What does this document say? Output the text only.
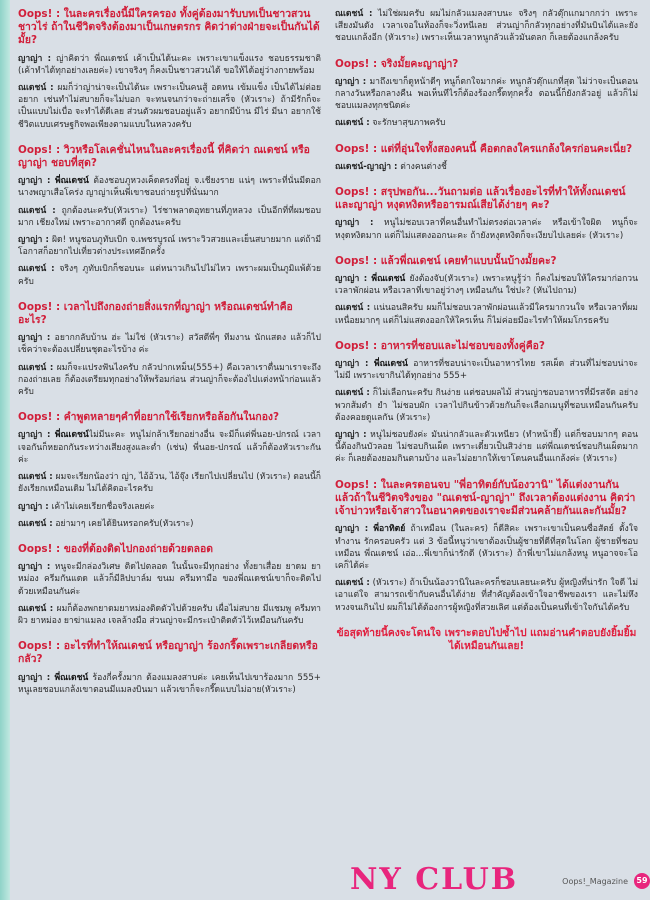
Oops! : ในละครเรื่องนี้มีใครครอง ทั้งคู่ต้องมารับบทเป็นชาวสวนชาวไร่ ถ้าในชีวิตจริงต้องมาเป็นเกษตรกร คิดว่าต่างฝ่ายจะเป็นกันได้มั้ย?
ญาญ่า : ญ่าคิดว่า พี่ณเดชน์ เค้าเป็นได้นะคะ เพราะเขาแข็งแรง ชอบธรรมชาติ (เค้าทำได้ทุกอย่างเลยค่ะ) เขาจริงๆ ก็คงเป็นชาวสวนได้ ขอให้ได้อยู่ว่างกายพร้อม
ณเดชน์ : ผมก็ว่าญ่าน่าจะเป็นได้นะ เพราะเป็นคนสู้ อดทน เข้มแข็ง เป็นได้ไม่ต่อยอยาก เช่นทำไม่สบายก็จะไม่บอก จะทนจนกว่าจะถ่ายเสร็จ (หัวเราะ) ถ้ามีรักก็จะเป็นแบบไม่เบื่อ จะทำได้ดีเลย ส่วนตัวผมชอบอยู่แล้ว อยากมีบ้าน มีไร่ มีนา อยากใช้ชีวิตแบบเศรษฐกิจพอเพียงตามแบบในหลวงครับ
Oops! : วิวหรือโลเคชั่นไหนในละครเรื่องนี้ ที่คิดว่า ณเดชน์ หรือ ญาญ่า ชอบที่สุด?
ญาญ่า : พี่ณเดชน์ ต้องชอบภูหวงเค็ดตรงที่อยู่ จ.เชียงราย แน่ๆ เพราะที่นั่นมีดอกนางพญาเสือโคร่ง ญาญ่าเห็นพี่เขาชอบถ่ายรูปที่นั่นมาก
ณเดชน์ : ถูกต้องนะครับ(หัวเราะ) ไร่ชาพลาดอุทยานที่ภูหลวง เป็นอีกที่ที่ผมชอบมาก เชียงใหม่ เพราะอากาศดี ถูกต้องนะครับ
ญาญ่า : ผิด! หนูชอบภูทับเบิก จ.เพชรบูรณ์ เพราะวิวสวยและเย็นสบายมาก แต่ถ้ามีโอกาสก็อยากไปเที่ยวต่างประเทศอีกครั้ง
ณเดชน์ : จริงๆ ภูทับเบิกก็ชอบนะ แต่หนาวเกินไปไม่ไหว เพราะผมเป็นภูมิแพ้ด้วยครับ
Oops! : เวลาไปถึงกองถ่ายสิ่งแรกที่ญาญ่า หรือณเดชน์ทำคืออะไร?
ญาญ่า : อยากกลับบ้าน ฮ่ะ ไม่ใช่ (หัวเราะ) สวัสดีพี่ๆ ทีมงาน นักแสดง แล้วก็ไปเช็คว่าจะต้องเปลี่ยนชุดอะไรบ้าง ค่ะ
ณเดชน์ : ผมก็จะแปรงฟันไงครับ กลัวปากเหม็น(555+) คือเวลาเราตื่นมาเราจะถึงกองถ่ายเลย ก็ต้องเตรียมทุกอย่างให้พร้อมก่อน ส่วนญ่าก็จะต้องไปแต่งหน้าก่อนแล้วครับ
Oops! : คำพูดหลายๆคำที่อยากใช้เรียกหรือล้อกันในกอง?
ญาญ่า : พี่ณเดชน์ไม่มีนะคะ หนูไม่กล้าเรียกอย่างอื่น จะมีก็แต่พี่นอย-ปกรณ์ เวลาเจอกันก็หยอกกันระหว่างเสียงสูงและต่ำ (เช่น) พี่นอย-ปกรณ์ แล้วก็ต้องหัวเราะกันค่ะ
ณเดชน์ : ผมจะเรียกน้องว่า ญ่า, ไอ้อ้วน, ไอ้จุ๊ง เรียกไปเปลี่ยนไป (หัวเราะ) ตอนนี้ก็ยังเรียกเหมือนเดิม ไม่ได้คิดอะไรครับ
ญาญ่า : เค้าไม่เคยเรียกชื่อจริงเลยค่ะ
ณเดชน์ : อย่ามาๆ เคยได้ยินหรอกครับ(หัวเราะ)
Oops! : ของที่ต้องติดไปกองถ่ายด้วยตลอด
ญาญ่า : หนูจะมีกล่องวิเศษ ติดไปตลอด ในนั้นจะมีทุกอย่าง ทั้งยาเสื่อย ยาดม ยาหม่อง ครีมกันแดด แล้วก็มีลิปบาล์ม ขนม ครีมทามือ ของพี่ณเดชน์เขาก็จะติดไปด้วยเหมือนกันค่ะ
ณเดชน์ : ผมก็ต้องพกยาดมยาหม่องติดตัวไปด้วยครับ เผื่อไม่สบาย มีแชมพู ครีมทาผิว ยาหม่อง ยาฆ่าแมลง เจลล้างมือ ส่วนญ่าจะมีกระเป๋าติดตัวไว้เหมือนกันครับ
Oops! : อะไรที่ทำให้ณเดชน์ หรือญาญ่า ร้องกรี๊ดเพราะเกลียดหรือกลัว?
ญาญ่า : พี่ณเดชน์ ร้องกี่ครั้งมาก ต้องแมลงสาบค่ะ เคยเห็นไปเขาร้องมาก 555+ หนูเลยชอบแกล้งเขาตอนมีแมลงบินมา แล้วเขาก็จะกรี๊ดแบบไม่อาย(หัวเราะ)
ณเดชน์ : ไม่ใช่ผมครับ ผมไม่กลัวแมลงสาบนะ จริงๆ กลัวตุ๊กแกมากกว่า เพราะเสียงมันดัง เวลาเจอในห้องก็จะวิ่งหนีเลย ส่วนญ่าก็กลัวทุกอย่างที่มันบินได้และยังชอบแกล้งอีก (หัวเราะ) เพราะเห็นเวลาหนูกลัวแล้วมันตลก ก็เลยต้องแกล้งครับ
Oops! : จริงมั้ยคะญาญ่า?
ญาญ่า : มาถึงเขาก็ดูหน้าดีๆ หนูก็ตกใจมากค่ะ หนูกลัวตุ๊กแกที่สุด ไม่ว่าจะเป็นตอนกลางวันหรือกลางคืน พอเห็นทีไรก็ต้องร้องกรี๊ดทุกครั้ง ตอนนี้ก็ยังกลัวอยู่ แล้วก็ไม่ชอบแมลงทุกชนิดค่ะ
ณเดชน์ : จะรักษาสุขภาพครับ
Oops! : แต่ที่อุ่นใจทั้งสองคนนี้ คือตกลงใครแกล้งใครก่อนคะเนี่ย?
ณเดชน์-ญาญ่า : ต่างคนต่างชี้
Oops! : สรุปพอกัน...วันถามต่อ แล้วเรื่องอะไรที่ทำให้ทั้งณเดชน์และญาญ่า หงุดหงิดหรืออารมณ์เสียได้ง่ายๆ คะ?
ญาญ่า : หนูไม่ชอบเวลาที่คนอื่นทำไม่ตรงต่อเวลาค่ะ หรือเข้าใจผิด หนูก็จะหงุดหงิดมาก แต่ก็ไม่แสดงออกนะคะ ถ้ายังหงุดหงิดก็จะเงียบไปเลยค่ะ (หัวเราะ)
Oops! : แล้วพี่ณเดชน์ เคยทำแบบนั้นบ้างมั้ยคะ?
ญาญ่า : พี่ณเดชน์ ยังต้องจับ(หัวเราะ) เพราะหนูรู้ว่า ก็คงไม่ชอบให้ใครมาก่อกวนเวลาพักผ่อน หรือเวลาที่เขาอยู่ว่างๆ เหมือนกัน ใช่ปะ? (หันไปถาม)
ณเดชน์ : แน่นอนสิครับ ผมก็ไม่ชอบเวลาพักผ่อนแล้วมีใครมากวนใจ หรือเวลาที่ผมเหนื่อยมากๆ แต่ก็ไม่แสดงออกให้ใครเห็น ก็ไม่ค่อยมีอะไรทำให้ผมโกรธครับ
Oops! : อาหารที่ชอบและไม่ชอบของทั้งคู่คือ?
ญาญ่า : พี่ณเดชน์ อาหารที่ชอบน่าจะเป็นอาหารไทย รสเผ็ด ส่วนที่ไม่ชอบน่าจะไม่มี เพราะเขากินได้ทุกอย่าง 555+
ณเดชน์ : ก็ไม่เลือกนะครับ กินง่าย แต่ชอบผลไม้ ส่วนญ่าชอบอาหารที่มีรสจัด อย่างพวกส้มตำ ยำ ไม่ชอบผัก เวลาไปกินข้าวด้วยกันก็จะเลือกเมนูที่ชอบเหมือนกันครับ ต้องคอยดูแลกัน (หัวเราะ)
ญาญ่า : หนูไม่ชอบยังค่ะ มันน่ากลัวและตัวเหนียว (ทำหน้ายี้) แต่ก็ชอบมากๆ ตอนนี้ต้องกินบัวลอย ไม่ชอบกินเผ็ด เพราะเดี๋ยวเป็นสิวง่าย แต่พี่ณเดชน์ชอบกินเผ็ดมากค่ะ ก็เลยต้องยอมกินตามบ้าง และไม่อยากให้เขาโดนคนอื่นแกล้งค่ะ (หัวเราะ)
Oops! : ในละครตอนจบ "พี่อาทิตย์กับน้องวานิ" ได้แต่งงานกัน แล้วถ้าในชีวิตจริงของ "ณเดชน์-ญาญ่า" ถึงเวลาต้องแต่งงาน คิดว่าเจ้าบ่าวหรือเจ้าสาวในอนาคตของเราจะมีส่วนคล้ายกันและกันมั้ย?
ญาญ่า : พี่อาทิตย์ ถ้าเหมือน (ในละคร) ก็ดีสิคะ เพราะเขาเป็นคนซื่อสัตย์ ตั้งใจทำงาน รักครอบครัว แต่ 3 ข้อนี้หนูว่าเขาต้องเป็นผู้ชายที่ดีที่สุดในโลก ผู้ชายที่ชอบเหมือน พี่ณเดชน์ เอ่อ...พี่เขาก็น่ารักดี (หัวเราะ) ถ้าพี่เขาไม่แกล้งหนู หนูอาจจะโอเคก็ได้ค่ะ
ณเดชน์ : (หัวเราะ) ถ้าเป็นน้องวานิในละครก็ชอบเลยนะครับ ผู้หญิงที่น่ารัก ใจดี ไม่เอาแต่ใจ สามารถเข้ากับคนอื่นได้ง่าย ที่สำคัญต้องเข้าใจอาชีพของเรา และไม่หึงหวงจนเกินไป ผมก็ไม่ได้ต้องการผู้หญิงที่สวยเลิศ แต่ต้องเป็นคนที่เข้าใจกันได้ครับ
ข้อสุดท้ายนี้คงจะโดนใจ เพราะตอบไปซ้ำไป แถมอ่านคำตอบยังยิ้มยิ้มได้เหมือนกันเลย!
NY CLUB	Oops!_Magazine	59
